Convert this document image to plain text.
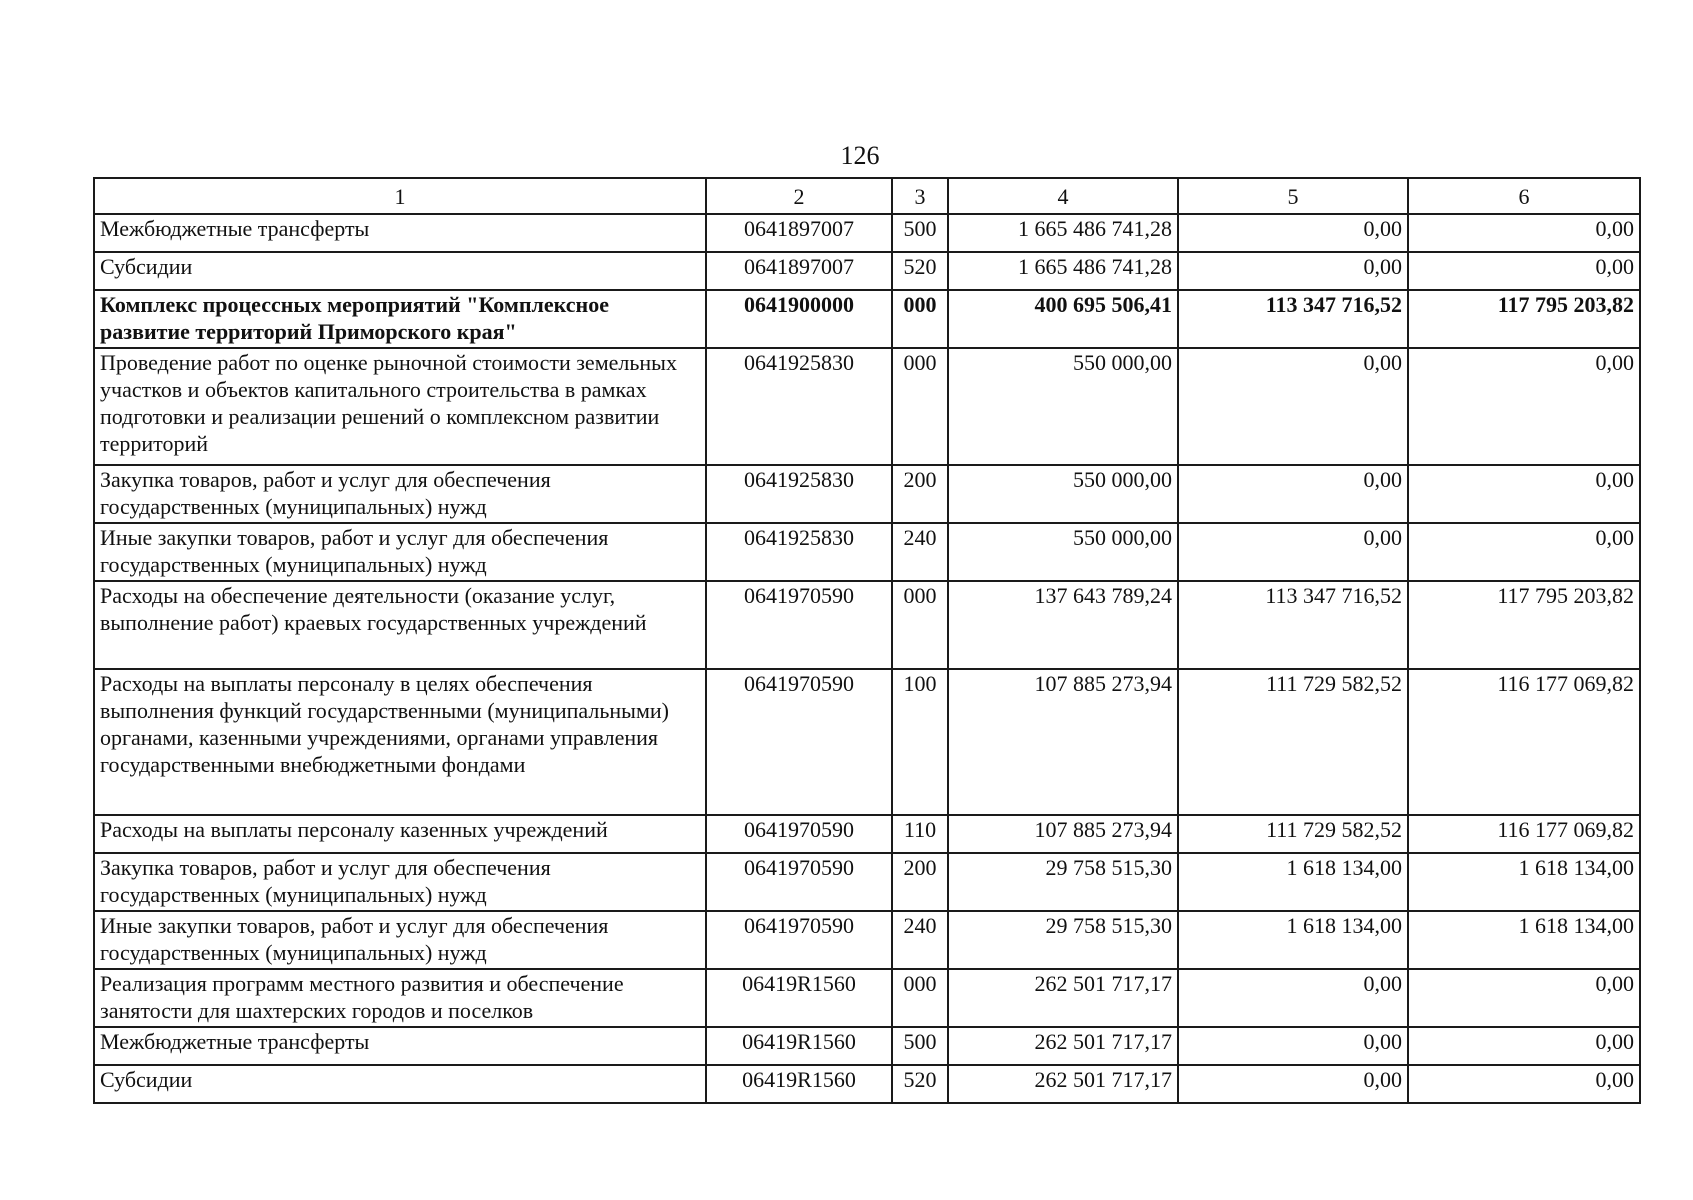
126
1	2	3	4	5	6
Межбюджетные трансферты	0641897007	500	1 665 486 741,28	0,00	0,00
Субсидии	0641897007	520	1 665 486 741,28	0,00	0,00
Комплекс процессных мероприятий "Комплексное развитие территорий Приморского края"	0641900000	000	400 695 506,41	113 347 716,52	117 795 203,82
Проведение работ по оценке рыночной стоимости земельных участков и объектов капитального строительства в рамках подготовки и реализации решений о комплексном развитии территорий	0641925830	000	550 000,00	0,00	0,00
Закупка товаров, работ и услуг для обеспечения государственных (муниципальных) нужд	0641925830	200	550 000,00	0,00	0,00
Иные закупки товаров, работ и услуг для обеспечения государственных (муниципальных) нужд	0641925830	240	550 000,00	0,00	0,00
Расходы на обеспечение деятельности (оказание услуг, выполнение работ) краевых государственных учреждений	0641970590	000	137 643 789,24	113 347 716,52	117 795 203,82
Расходы на выплаты персоналу в целях обеспечения выполнения функций государственными (муниципальными) органами, казенными учреждениями, органами управления государственными внебюджетными фондами	0641970590	100	107 885 273,94	111 729 582,52	116 177 069,82
Расходы на выплаты персоналу казенных учреждений	0641970590	110	107 885 273,94	111 729 582,52	116 177 069,82
Закупка товаров, работ и услуг для обеспечения государственных (муниципальных) нужд	0641970590	200	29 758 515,30	1 618 134,00	1 618 134,00
Иные закупки товаров, работ и услуг для обеспечения государственных (муниципальных) нужд	0641970590	240	29 758 515,30	1 618 134,00	1 618 134,00
Реализация программ местного развития и обеспечение занятости для шахтерских городов и поселков	06419R1560	000	262 501 717,17	0,00	0,00
Межбюджетные трансферты	06419R1560	500	262 501 717,17	0,00	0,00
Субсидии	06419R1560	520	262 501 717,17	0,00	0,00
